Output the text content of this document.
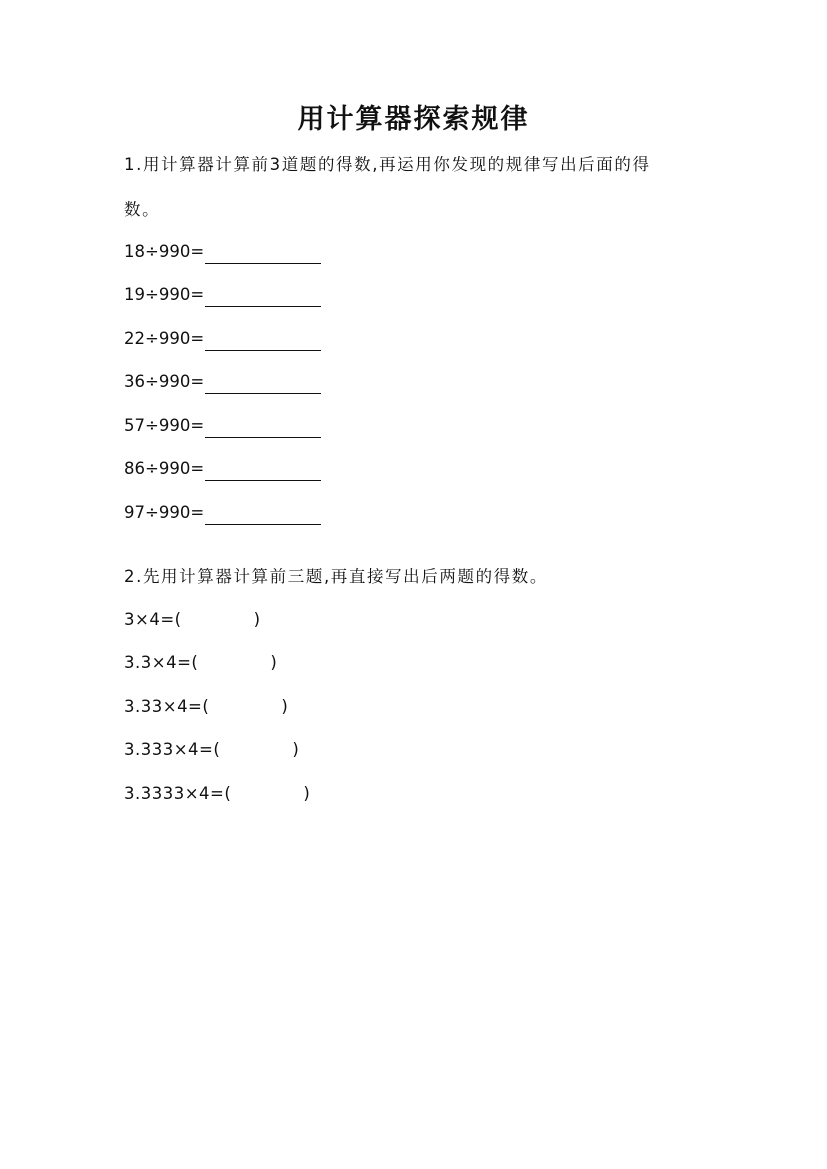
用计算器探索规律
1.用计算器计算前3道题的得数,再运用你发现的规律写出后面的得
数。
18÷990=
19÷990=
22÷990=
36÷990=
57÷990=
86÷990=
97÷990=
2.先用计算器计算前三题,再直接写出后两题的得数。
3×4=(	)
3.3×4=(	)
3.33×4=(	)
3.333×4=(	)
3.3333×4=(	)
